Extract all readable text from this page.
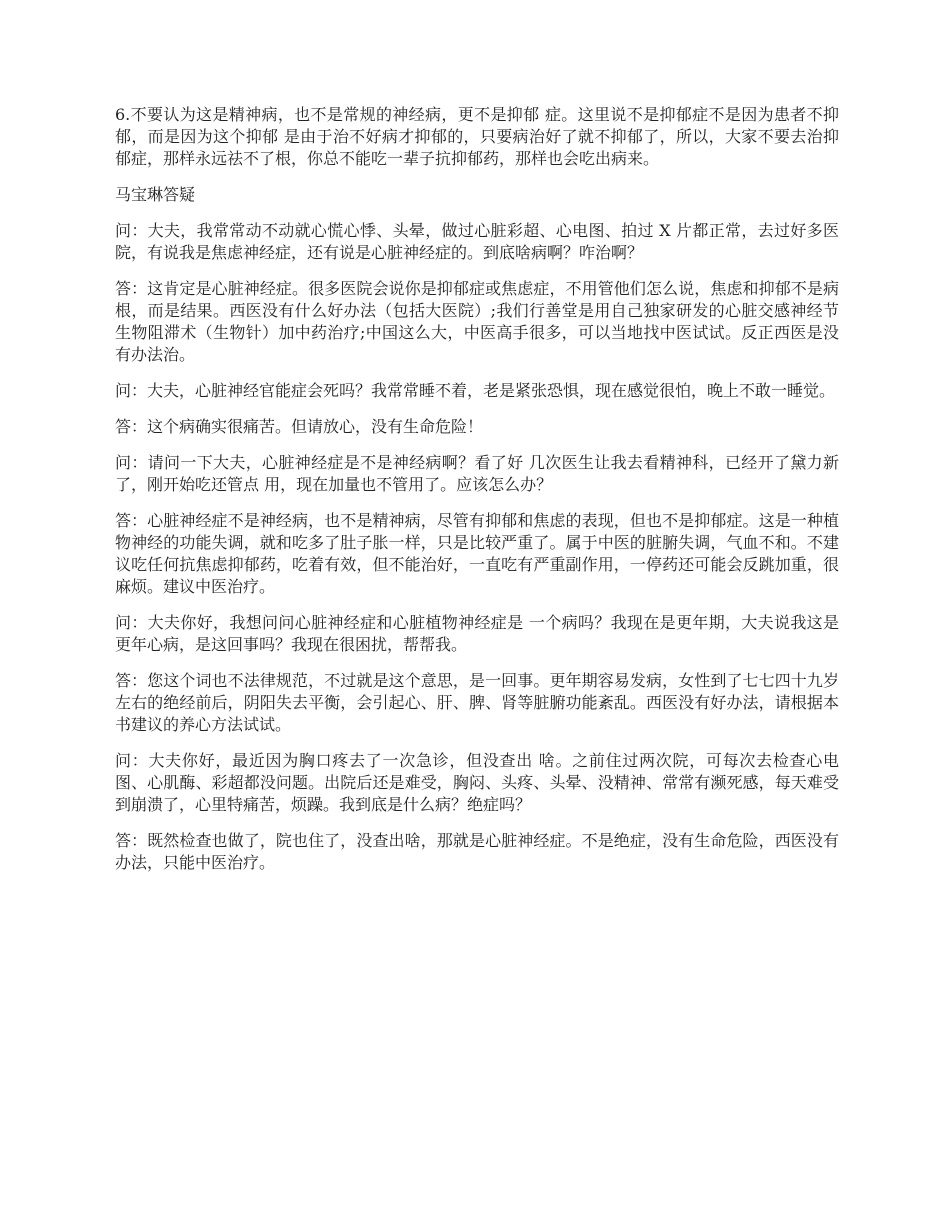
6.不要认为这是精神病，也不是常规的神经病，更不是抑郁 症。这里说不是抑郁症不是因为患者不抑郁，而是因为这个抑郁 是由于治不好病才抑郁的，只要病治好了就不抑郁了，所以，大家不要去治抑郁症，那样永远祛不了根，你总不能吃一辈子抗抑郁药，那样也会吃出病来。

马宝琳答疑

问：大夫，我常常动不动就心慌心悸、头晕，做过心脏彩超、心电图、拍过 X 片都正常，去过好多医院，有说我是焦虑神经症，还有说是心脏神经症的。到底啥病啊？咋治啊？

答：这肯定是心脏神经症。很多医院会说你是抑郁症或焦虑症，不用管他们怎么说，焦虑和抑郁不是病根，而是结果。西医没有什么好办法（包括大医院）;我们行善堂是用自己独家研发的心脏交感神经节生物阻滞术（生物针）加中药治疗;中国这么大，中医高手很多，可以当地找中医试试。反正西医是没有办法治。

问：大夫，心脏神经官能症会死吗？我常常睡不着，老是紧张恐惧，现在感觉很怕，晚上不敢一睡觉。

答：这个病确实很痛苦。但请放心，没有生命危险！

问：请问一下大夫，心脏神经症是不是神经病啊？看了好 几次医生让我去看精神科，已经开了黛力新了，刚开始吃还管点 用，现在加量也不管用了。应该怎么办？

答：心脏神经症不是神经病，也不是精神病，尽管有抑郁和焦虑的表现，但也不是抑郁症。这是一种植物神经的功能失调，就和吃多了肚子胀一样，只是比较严重了。属于中医的脏腑失调，气血不和。不建议吃任何抗焦虑抑郁药，吃着有效，但不能治好，一直吃有严重副作用，一停药还可能会反跳加重，很麻烦。建议中医治疗。

问：大夫你好，我想问问心脏神经症和心脏植物神经症是 一个病吗？我现在是更年期，大夫说我这是更年心病，是这回事吗？我现在很困扰，帮帮我。

答：您这个词也不法律规范，不过就是这个意思，是一回事。更年期容易发病，女性到了七七四十九岁左右的绝经前后，阴阳失去平衡，会引起心、肝、脾、肾等脏腑功能紊乱。西医没有好办法，请根据本书建议的养心方法试试。

问：大夫你好，最近因为胸口疼去了一次急诊，但没查出 啥。之前住过两次院，可每次去检查心电图、心肌酶、彩超都没问题。出院后还是难受，胸闷、头疼、头晕、没精神、常常有濒死感，每天难受到崩溃了，心里特痛苦，烦躁。我到底是什么病？绝症吗？

答：既然检查也做了，院也住了，没查出啥，那就是心脏神经症。不是绝症，没有生命危险，西医没有办法，只能中医治疗。
